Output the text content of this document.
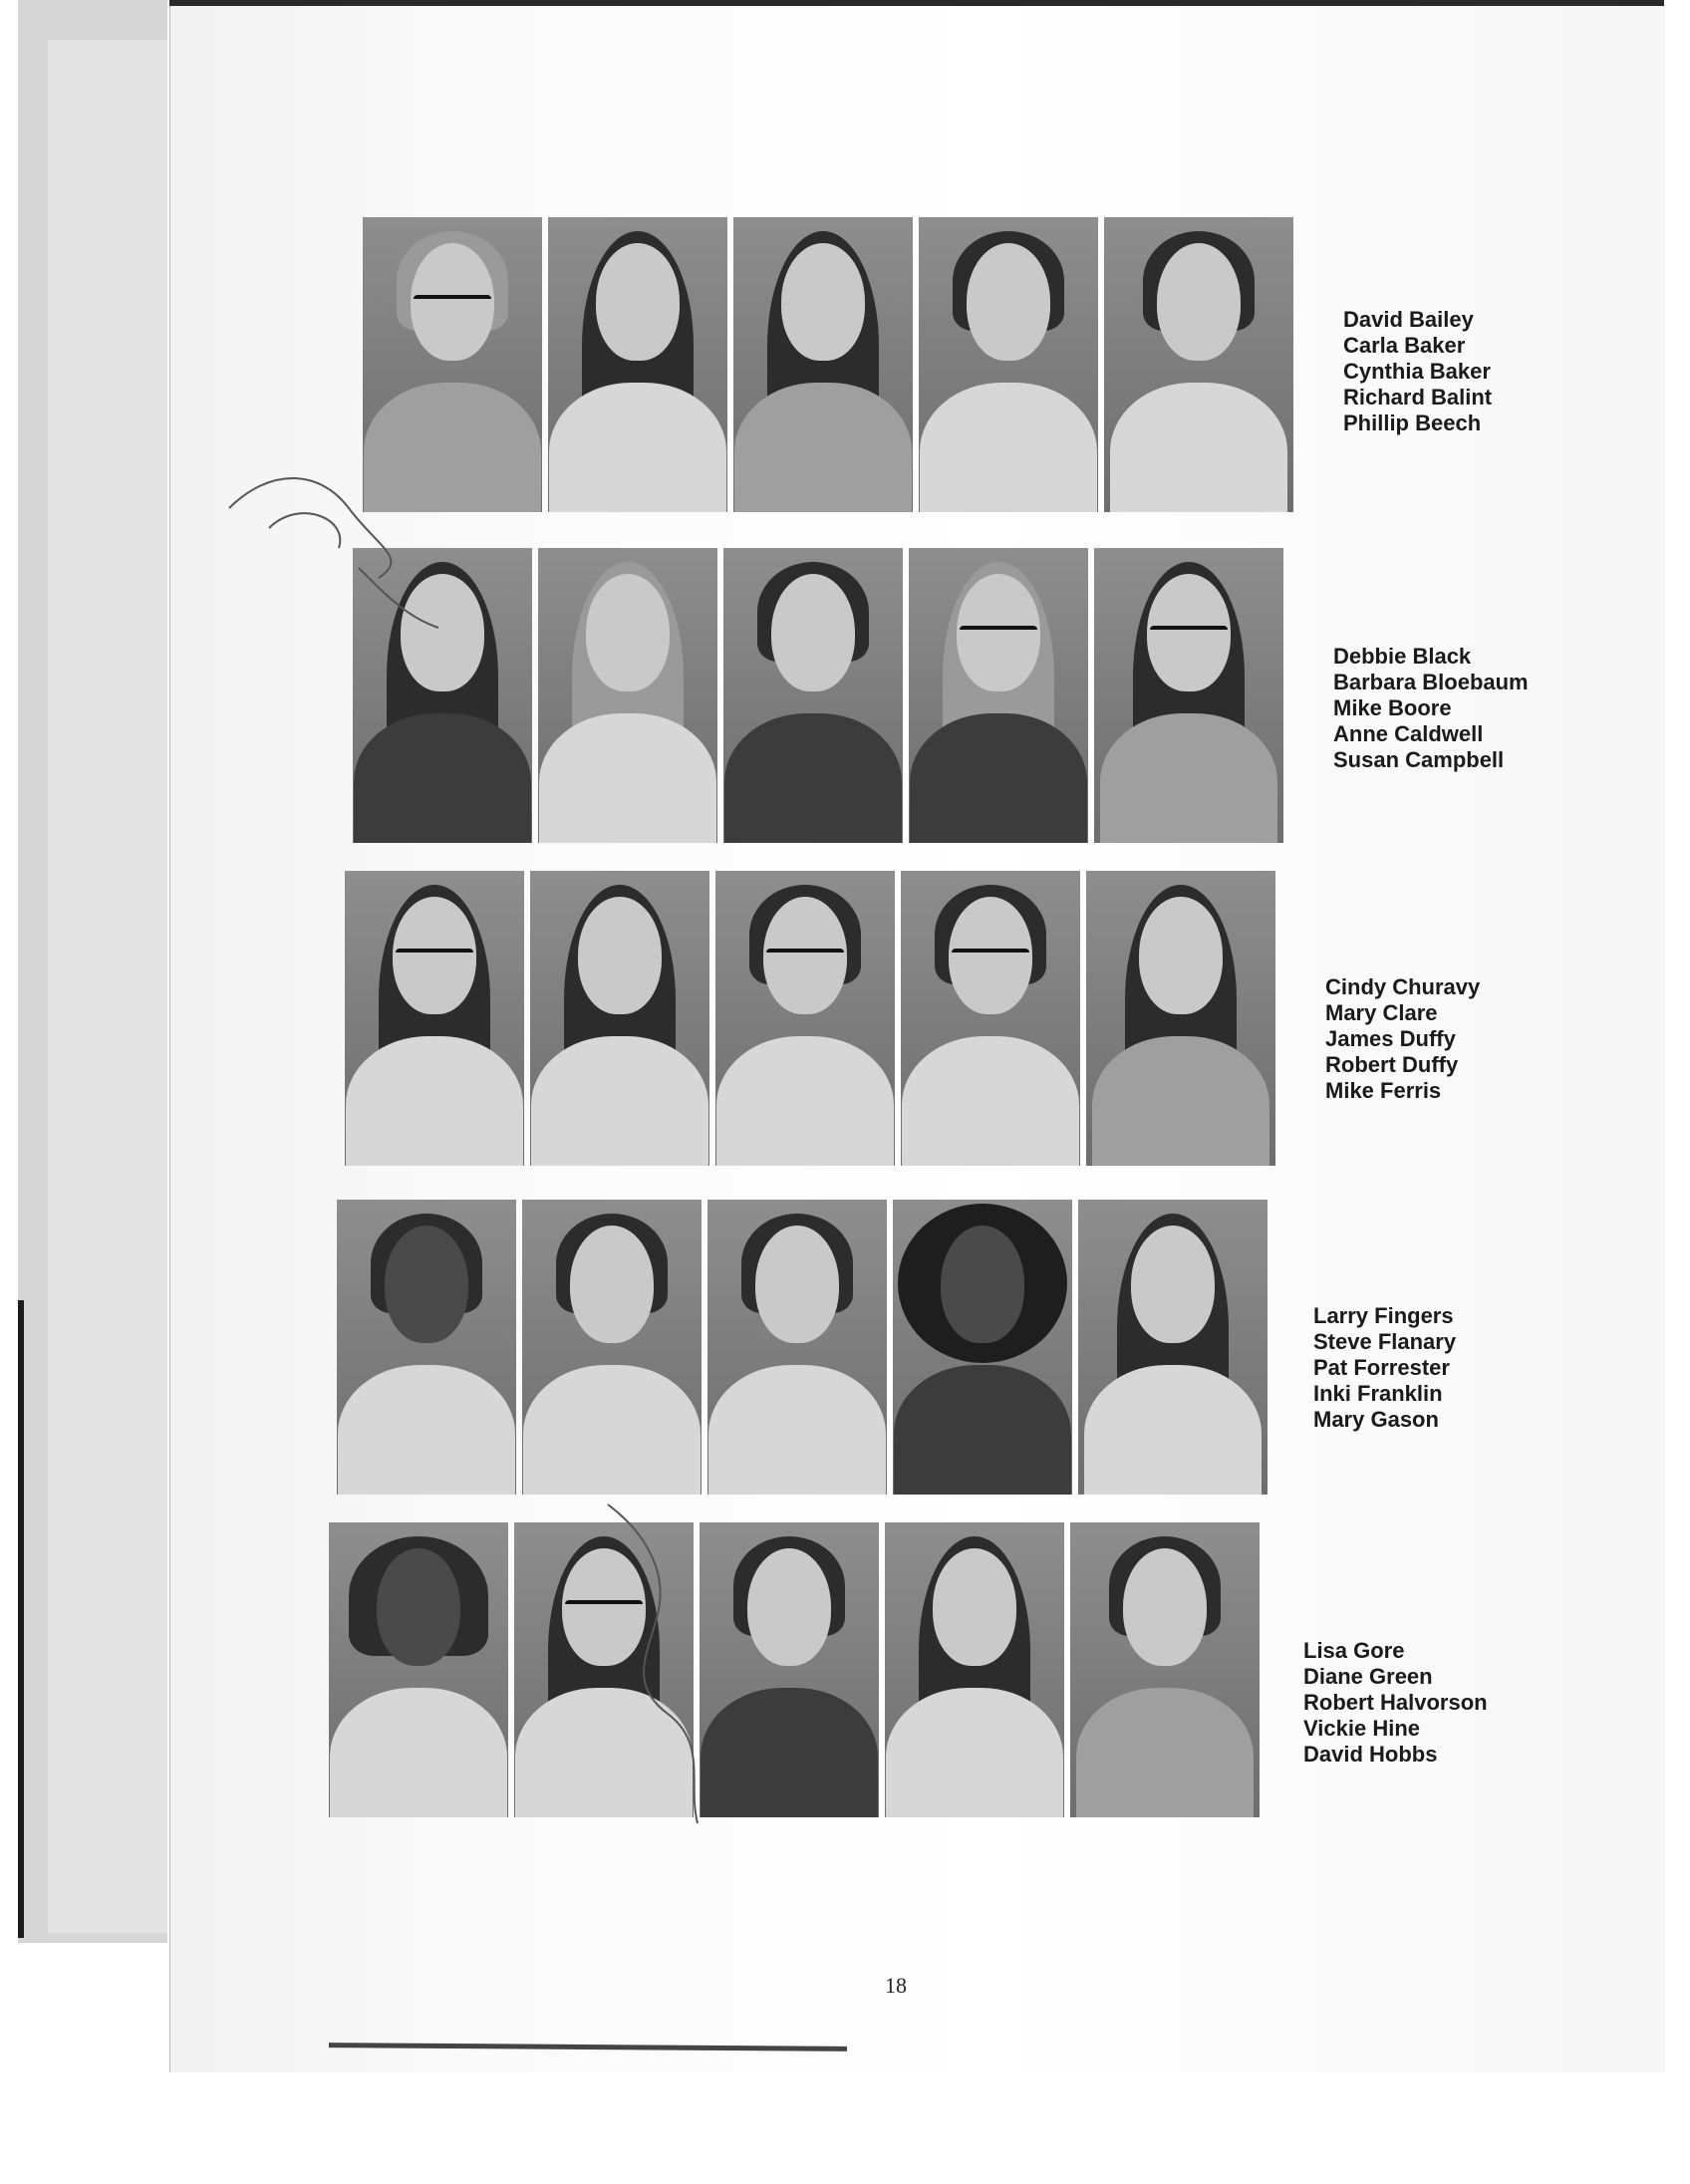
David Bailey
Carla Baker
Cynthia Baker
Richard Balint
Phillip Beech
Debbie Black
Barbara Bloebaum
Mike Boore
Anne Caldwell
Susan Campbell
Cindy Churavy
Mary Clare
James Duffy
Robert Duffy
Mike Ferris
Larry Fingers
Steve Flanary
Pat Forrester
Inki Franklin
Mary Gason
Lisa Gore
Diane Green
Robert Halvorson
Vickie Hine
David Hobbs
18
